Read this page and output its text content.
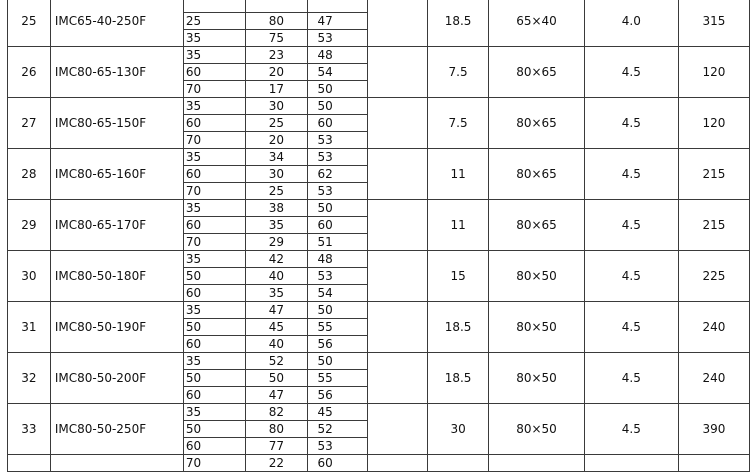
25	IMC65-40-250F					18.5	65×40	4.0	315
		25	80	47					
		35	75	53					
26	IMC80-65-130F	35	23	48		7.5	80×65	4.5	120
		60	20	54					
		70	17	50					
27	IMC80-65-150F	35	30	50		7.5	80×65	4.5	120
		60	25	60					
		70	20	53					
28	IMC80-65-160F	35	34	53		11	80×65	4.5	215
		60	30	62					
		70	25	53					
29	IMC80-65-170F	35	38	50		11	80×65	4.5	215
		60	35	60					
		70	29	51					
30	IMC80-50-180F	35	42	48		15	80×50	4.5	225
		50	40	53					
		60	35	54					
31	IMC80-50-190F	35	47	50		18.5	80×50	4.5	240
		50	45	55					
		60	40	56					
32	IMC80-50-200F	35	52	50		18.5	80×50	4.5	240
		50	50	55					
		60	47	56					
33	IMC80-50-250F	35	82	45		30	80×50	4.5	390
		50	80	52					
		60	77	53					
		70	22	60					
